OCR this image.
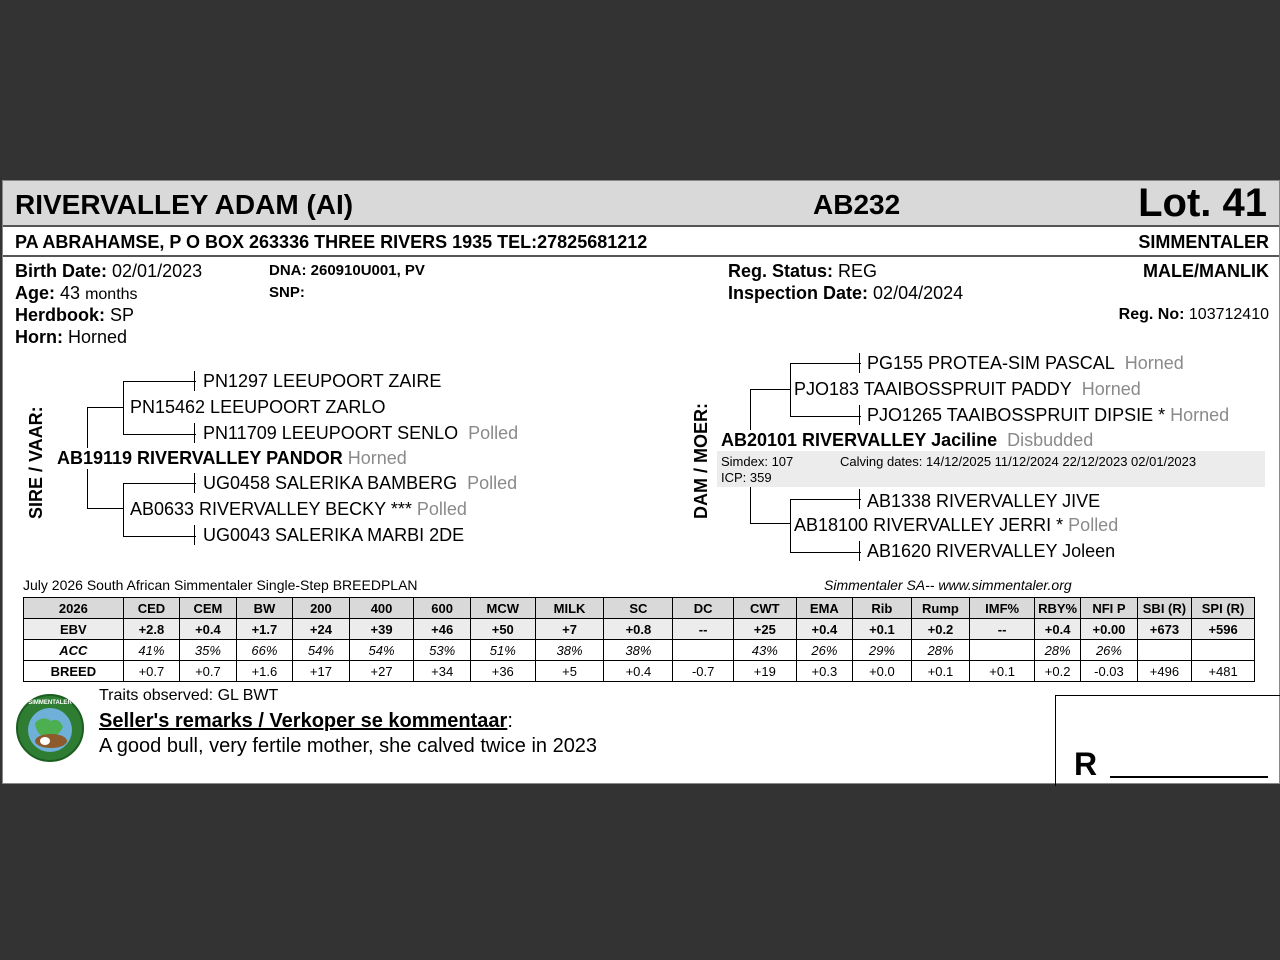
RIVERVALLEY ADAM (AI)	AB232	Lot. 41
PA ABRAHAMSE, P O BOX 263336 THREE RIVERS 1935 TEL:27825681212	SIMMENTALER
Birth Date: 02/01/2023
Age: 43 months
Herdbook: SP
Horn: Horned
DNA: 260910U001, PV
SNP:
Reg. Status: REG
Inspection Date: 02/04/2024
MALE/MANLIK
Reg. No: 103712410
SIRE / VAAR:
PN1297 LEEUPOORT ZAIRE
PN15462 LEEUPOORT ZARLO
PN11709 LEEUPOORT SENLO Polled
AB19119 RIVERVALLEY PANDOR Horned
UG0458 SALERIKA BAMBERG Polled
AB0633 RIVERVALLEY BECKY *** Polled
UG0043 SALERIKA MARBI 2DE
DAM / MOER:
PG155 PROTEA-SIM PASCAL Horned
PJO183 TAAIBOSSPRUIT PADDY Horned
PJO1265 TAAIBOSSPRUIT DIPSIE * Horned
AB20101 RIVERVALLEY Jaciline Disbudded
Simdex: 107	Calving dates: 14/12/2025 11/12/2024 22/12/2023 02/01/2023
ICP: 359
AB1338 RIVERVALLEY JIVE
AB18100 RIVERVALLEY JERRI * Polled
AB1620 RIVERVALLEY Joleen
July 2026 South African Simmentaler Single-Step BREEDPLAN	Simmentaler SA-- www.simmentaler.org
2026	CED	CEM	BW	200	400	600	MCW	MILK	SC	DC	CWT	EMA	Rib	Rump	IMF%	RBY%	NFI P	SBI (R)	SPI (R)
EBV	+2.8	+0.4	+1.7	+24	+39	+46	+50	+7	+0.8	--	+25	+0.4	+0.1	+0.2	--	+0.4	+0.00	+673	+596
ACC	41%	35%	66%	54%	54%	53%	51%	38%	38%		43%	26%	29%	28%		28%	26%		
BREED	+0.7	+0.7	+1.6	+17	+27	+34	+36	+5	+0.4	-0.7	+19	+0.3	+0.0	+0.1	+0.1	+0.2	-0.03	+496	+481
SIMMENTALER Traits observed: GL BWT
Seller's remarks / Verkoper se kommentaar:
A good bull, very fertile mother, she calved twice in 2023	R
